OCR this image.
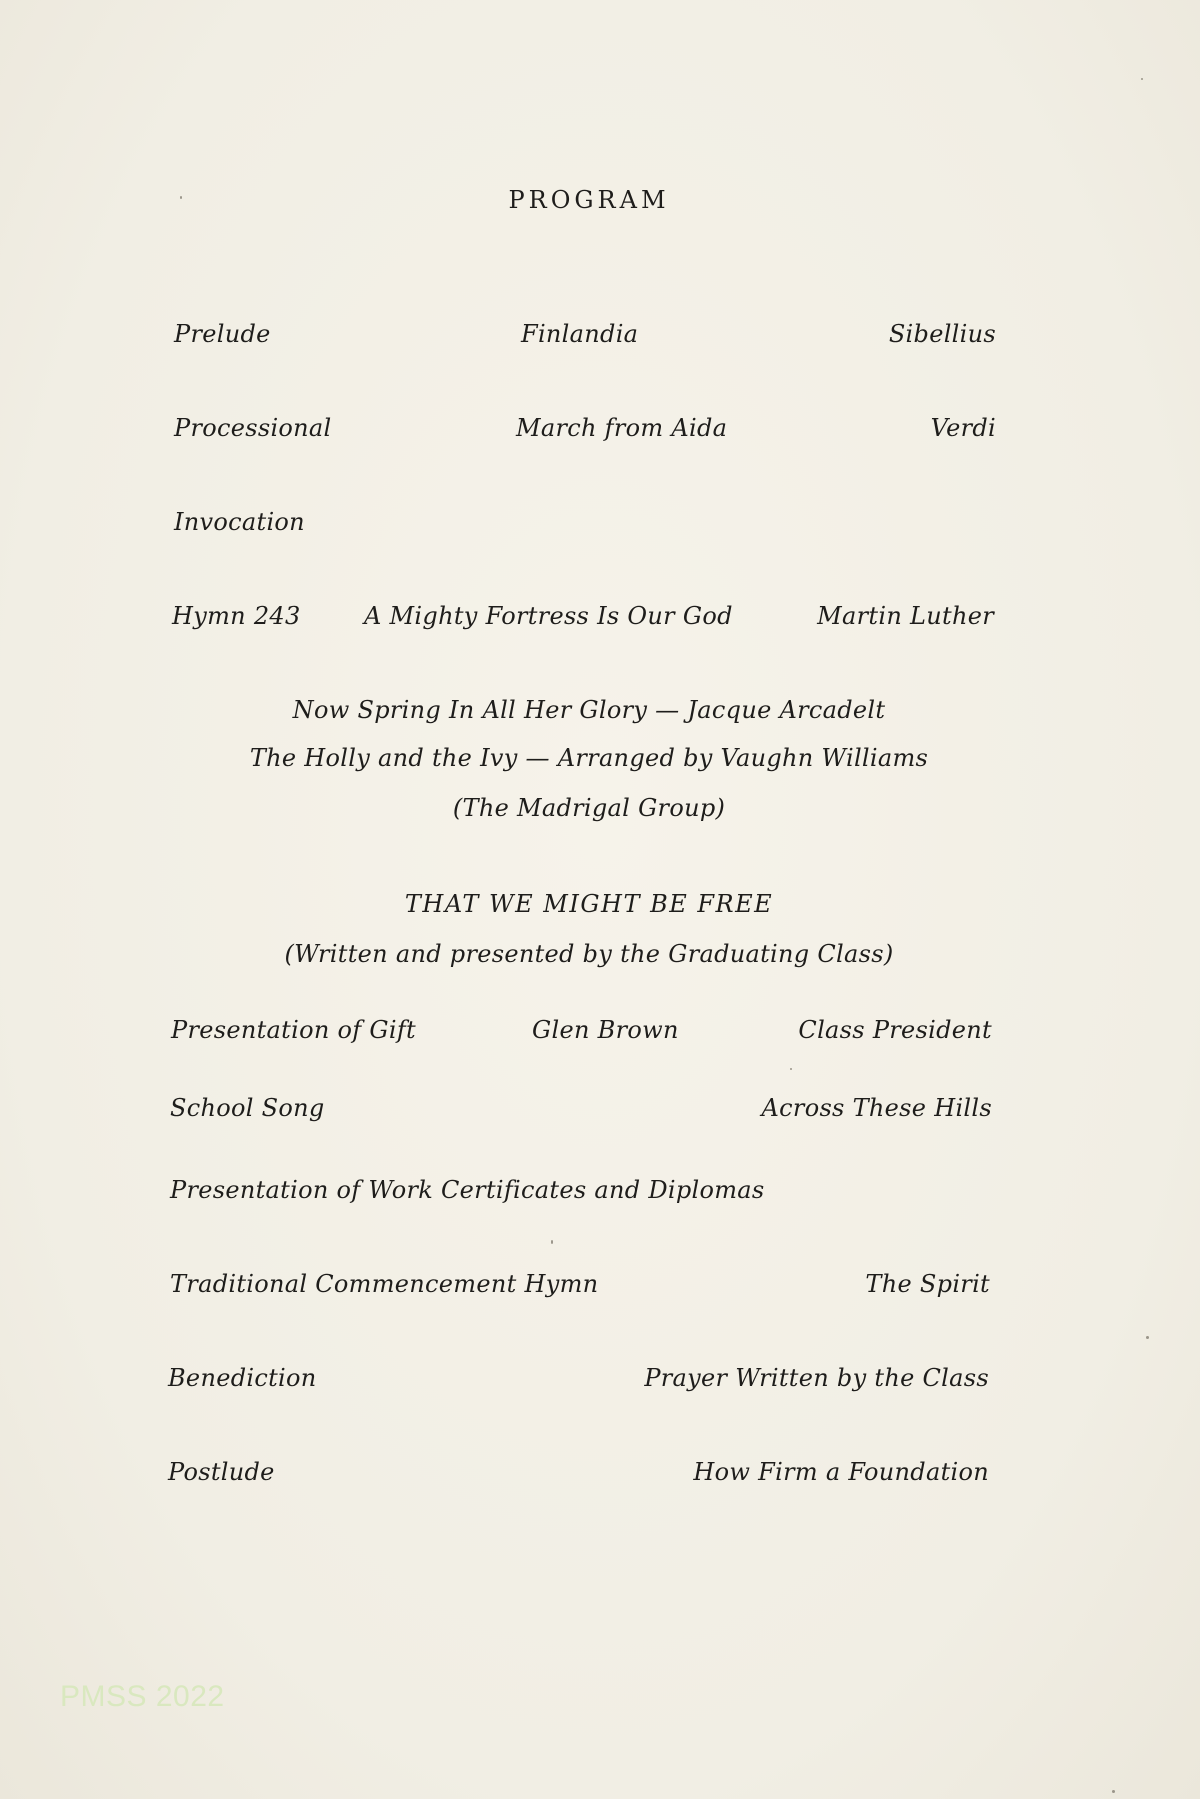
PROGRAM
Prelude	Finlandia	Sibellius
Processional	March from Aida	Verdi
Invocation
Hymn 243	A Mighty Fortress Is Our God	Martin Luther
Now Spring In All Her Glory — Jacque Arcadelt
The Holly and the Ivy — Arranged by Vaughn Williams
(The Madrigal Group)
THAT WE MIGHT BE FREE
(Written and presented by the Graduating Class)
Presentation of Gift	Glen Brown	Class President
School Song	Across These Hills
Presentation of Work Certificates and Diplomas
Traditional Commencement Hymn	The Spirit
Benediction	Prayer Written by the Class
Postlude	How Firm a Foundation
PMSS 2022
